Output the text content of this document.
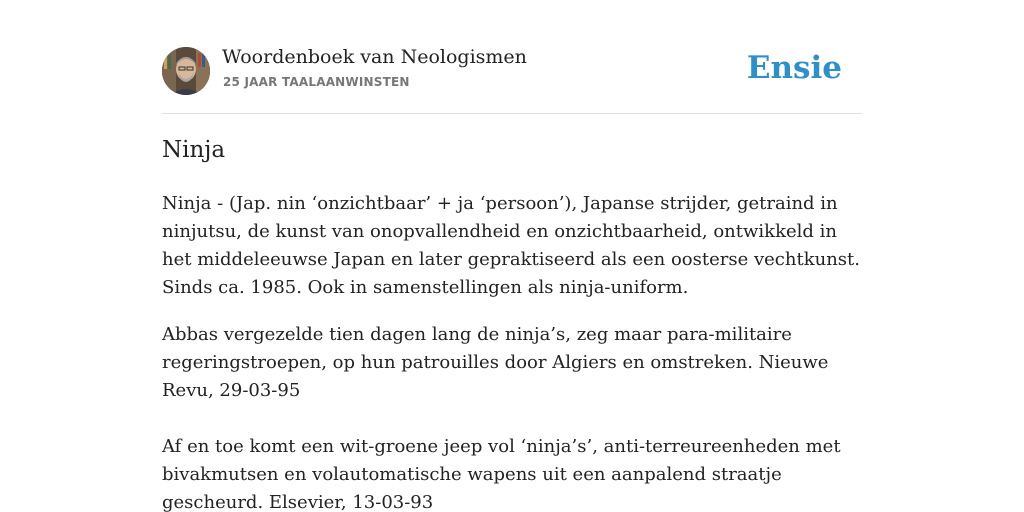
Woordenboek van Neologismen
25 JAAR TAALAANWINSTEN	Ensie
Ninja

Ninja - (Jap. nin ‘onzichtbaar’ + ja ‘persoon’), Japanse strijder, getraind in ninjutsu, de kunst van onopvallendheid en onzichtbaarheid, ontwikkeld in het middeleeuwse Japan en later gepraktiseerd als een oosterse vechtkunst. Sinds ca. 1985. Ook in samenstellingen als ninja-uniform.

Abbas vergezelde tien dagen lang de ninja’s, zeg maar para-militaire regeringstroepen, op hun patrouilles door Algiers en omstreken. Nieuwe Revu, 29-03-95

Af en toe komt een wit-groene jeep vol ‘ninja’s’, anti-terreureenheden met bivakmutsen en volautomatische wapens uit een aanpalend straatje gescheurd. Elsevier, 13-03-93
